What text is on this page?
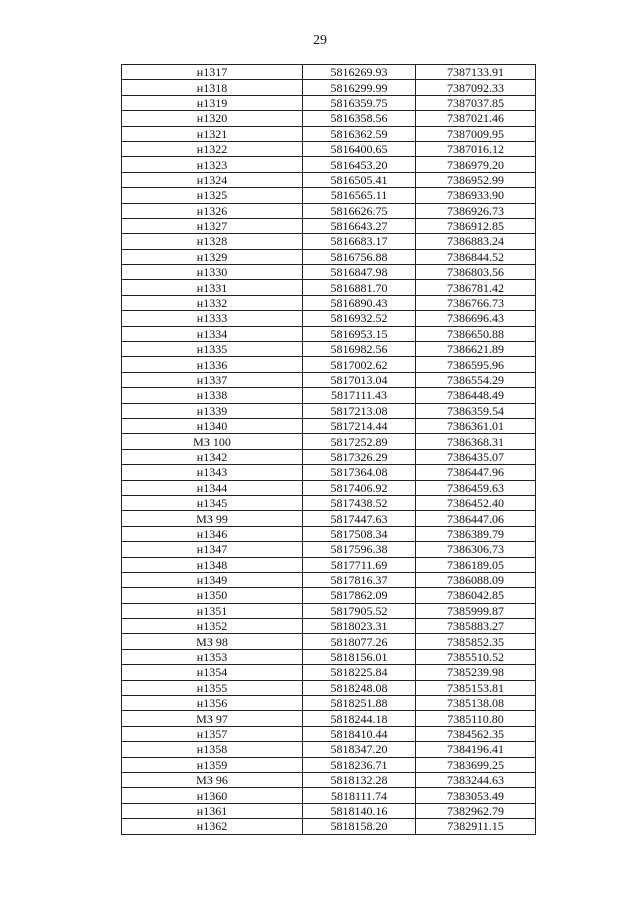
29
н1317	5816269.93	7387133.91
н1318	5816299.99	7387092.33
н1319	5816359.75	7387037.85
н1320	5816358.56	7387021.46
н1321	5816362.59	7387009.95
н1322	5816400.65	7387016.12
н1323	5816453.20	7386979.20
н1324	5816505.41	7386952.99
н1325	5816565.11	7386933.90
н1326	5816626.75	7386926.73
н1327	5816643.27	7386912.85
н1328	5816683.17	7386883.24
н1329	5816756.88	7386844.52
н1330	5816847.98	7386803.56
н1331	5816881.70	7386781.42
н1332	5816890.43	7386766.73
н1333	5816932.52	7386696.43
н1334	5816953.15	7386650.88
н1335	5816982.56	7386621.89
н1336	5817002.62	7386595.96
н1337	5817013.04	7386554.29
н1338	5817111.43	7386448.49
н1339	5817213.08	7386359.54
н1340	5817214.44	7386361.01
МЗ 100	5817252.89	7386368.31
н1342	5817326.29	7386435.07
н1343	5817364.08	7386447.96
н1344	5817406.92	7386459.63
н1345	5817438.52	7386452.40
МЗ 99	5817447.63	7386447.06
н1346	5817508.34	7386389.79
н1347	5817596.38	7386306.73
н1348	5817711.69	7386189.05
н1349	5817816.37	7386088.09
н1350	5817862.09	7386042.85
н1351	5817905.52	7385999.87
н1352	5818023.31	7385883.27
МЗ 98	5818077.26	7385852.35
н1353	5818156.01	7385510.52
н1354	5818225.84	7385239.98
н1355	5818248.08	7385153.81
н1356	5818251.88	7385138.08
МЗ 97	5818244.18	7385110.80
н1357	5818410.44	7384562.35
н1358	5818347.20	7384196.41
н1359	5818236.71	7383699.25
МЗ 96	5818132.28	7383244.63
н1360	5818111.74	7383053.49
н1361	5818140.16	7382962.79
н1362	5818158.20	7382911.15
